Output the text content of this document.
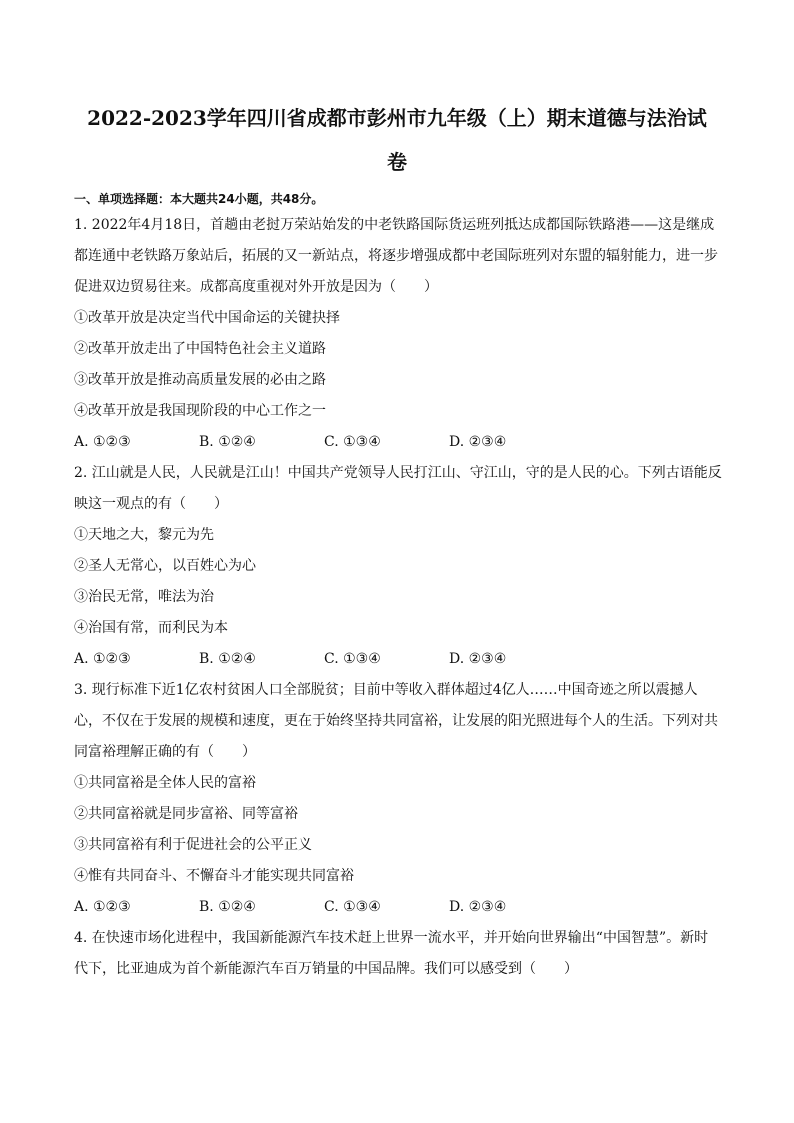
2022-2023学年四川省成都市彭州市九年级（上）期末道德与法治试
卷
一、单项选择题：本大题共24小题，共48分。
1. 2022年4月18日，首趟由老挝万荣站始发的中老铁路国际货运班列抵达成都国际铁路港——这是继成
都连通中老铁路万象站后，拓展的又一新站点，将逐步增强成都中老国际班列对东盟的辐射能力，进一步
促进双边贸易往来。成都高度重视对外开放是因为（　　）
①改革开放是决定当代中国命运的关键抉择
②改革开放走出了中国特色社会主义道路
③改革开放是推动高质量发展的必由之路
④改革开放是我国现阶段的中心工作之一
A. ①②③	B. ①②④	C. ①③④	D. ②③④
2. 江山就是人民，人民就是江山！中国共产党领导人民打江山、守江山，守的是人民的心。下列古语能反
映这一观点的有（　　）
①天地之大，黎元为先
②圣人无常心，以百姓心为心
③治民无常，唯法为治
④治国有常，而利民为本
A. ①②③	B. ①②④	C. ①③④	D. ②③④
3. 现行标准下近1亿农村贫困人口全部脱贫；目前中等收入群体超过4亿人……中国奇迹之所以震撼人
心，不仅在于发展的规模和速度，更在于始终坚持共同富裕，让发展的阳光照进每个人的生活。下列对共
同富裕理解正确的有（　　）
①共同富裕是全体人民的富裕
②共同富裕就是同步富裕、同等富裕
③共同富裕有利于促进社会的公平正义
④惟有共同奋斗、不懈奋斗才能实现共同富裕
A. ①②③	B. ①②④	C. ①③④	D. ②③④
4. 在快速市场化进程中，我国新能源汽车技术赶上世界一流水平，并开始向世界输出“中国智慧”。新时
代下，比亚迪成为首个新能源汽车百万销量的中国品牌。我们可以感受到（　　）
